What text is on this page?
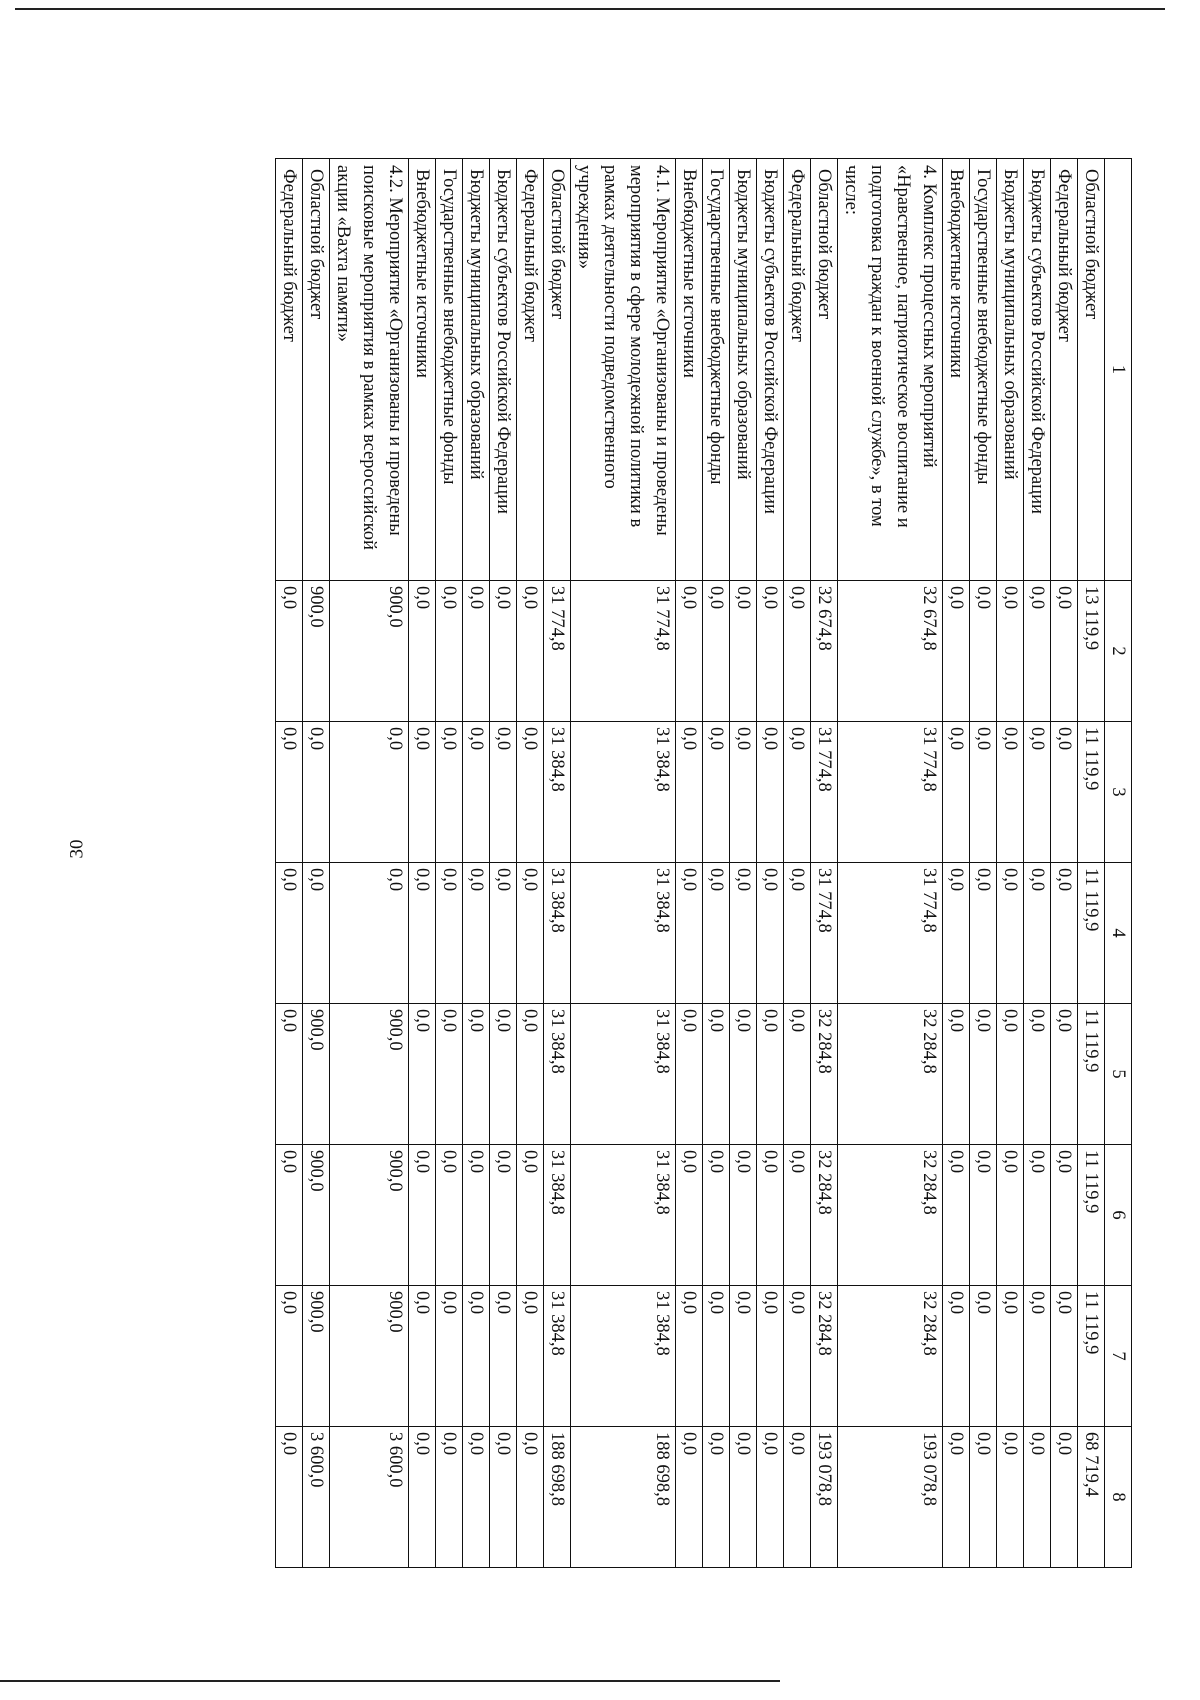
30
1	2	3	4	5	6	7	8
Областной бюджет	13 119,9	11 119,9	11 119,9	11 119,9	11 119,9	11 119,9	68 719,4
Федеральный бюджет	0,0	0,0	0,0	0,0	0,0	0,0	0,0
Бюджеты субъектов Российской Федерации	0,0	0,0	0,0	0,0	0,0	0,0	0,0
Бюджеты муниципальных образований	0,0	0,0	0,0	0,0	0,0	0,0	0,0
Государственные внебюджетные фонды	0,0	0,0	0,0	0,0	0,0	0,0	0,0
Внебюджетные источники	0,0	0,0	0,0	0,0	0,0	0,0	0,0
4. Комплекс процессных мероприятий «Нравственное, патриотическое воспитание и подготовка граждан к военной службе», в том числе:	32 674,8	31 774,8	31 774,8	32 284,8	32 284,8	32 284,8	193 078,8
Областной бюджет	32 674,8	31 774,8	31 774,8	32 284,8	32 284,8	32 284,8	193 078,8
Федеральный бюджет	0,0	0,0	0,0	0,0	0,0	0,0	0,0
Бюджеты субъектов Российской Федерации	0,0	0,0	0,0	0,0	0,0	0,0	0,0
Бюджеты муниципальных образований	0,0	0,0	0,0	0,0	0,0	0,0	0,0
Государственные внебюджетные фонды	0,0	0,0	0,0	0,0	0,0	0,0	0,0
Внебюджетные источники	0,0	0,0	0,0	0,0	0,0	0,0	0,0
4.1. Мероприятие «Организованы и проведены мероприятия в сфере молодежной политики в рамках деятельности подведомственного учреждения»	31 774,8	31 384,8	31 384,8	31 384,8	31 384,8	31 384,8	188 698,8
Областной бюджет	31 774,8	31 384,8	31 384,8	31 384,8	31 384,8	31 384,8	188 698,8
Федеральный бюджет	0,0	0,0	0,0	0,0	0,0	0,0	0,0
Бюджеты субъектов Российской Федерации	0,0	0,0	0,0	0,0	0,0	0,0	0,0
Бюджеты муниципальных образований	0,0	0,0	0,0	0,0	0,0	0,0	0,0
Государственные внебюджетные фонды	0,0	0,0	0,0	0,0	0,0	0,0	0,0
Внебюджетные источники	0,0	0,0	0,0	0,0	0,0	0,0	0,0
4.2. Мероприятие «Организованы и проведены поисковые мероприятия в рамках всероссийской акции «Вахта памяти»	900,0	0,0	0,0	900,0	900,0	900,0	3 600,0
Областной бюджет	900,0	0,0	0,0	900,0	900,0	900,0	3 600,0
Федеральный бюджет	0,0	0,0	0,0	0,0	0,0	0,0	0,0
